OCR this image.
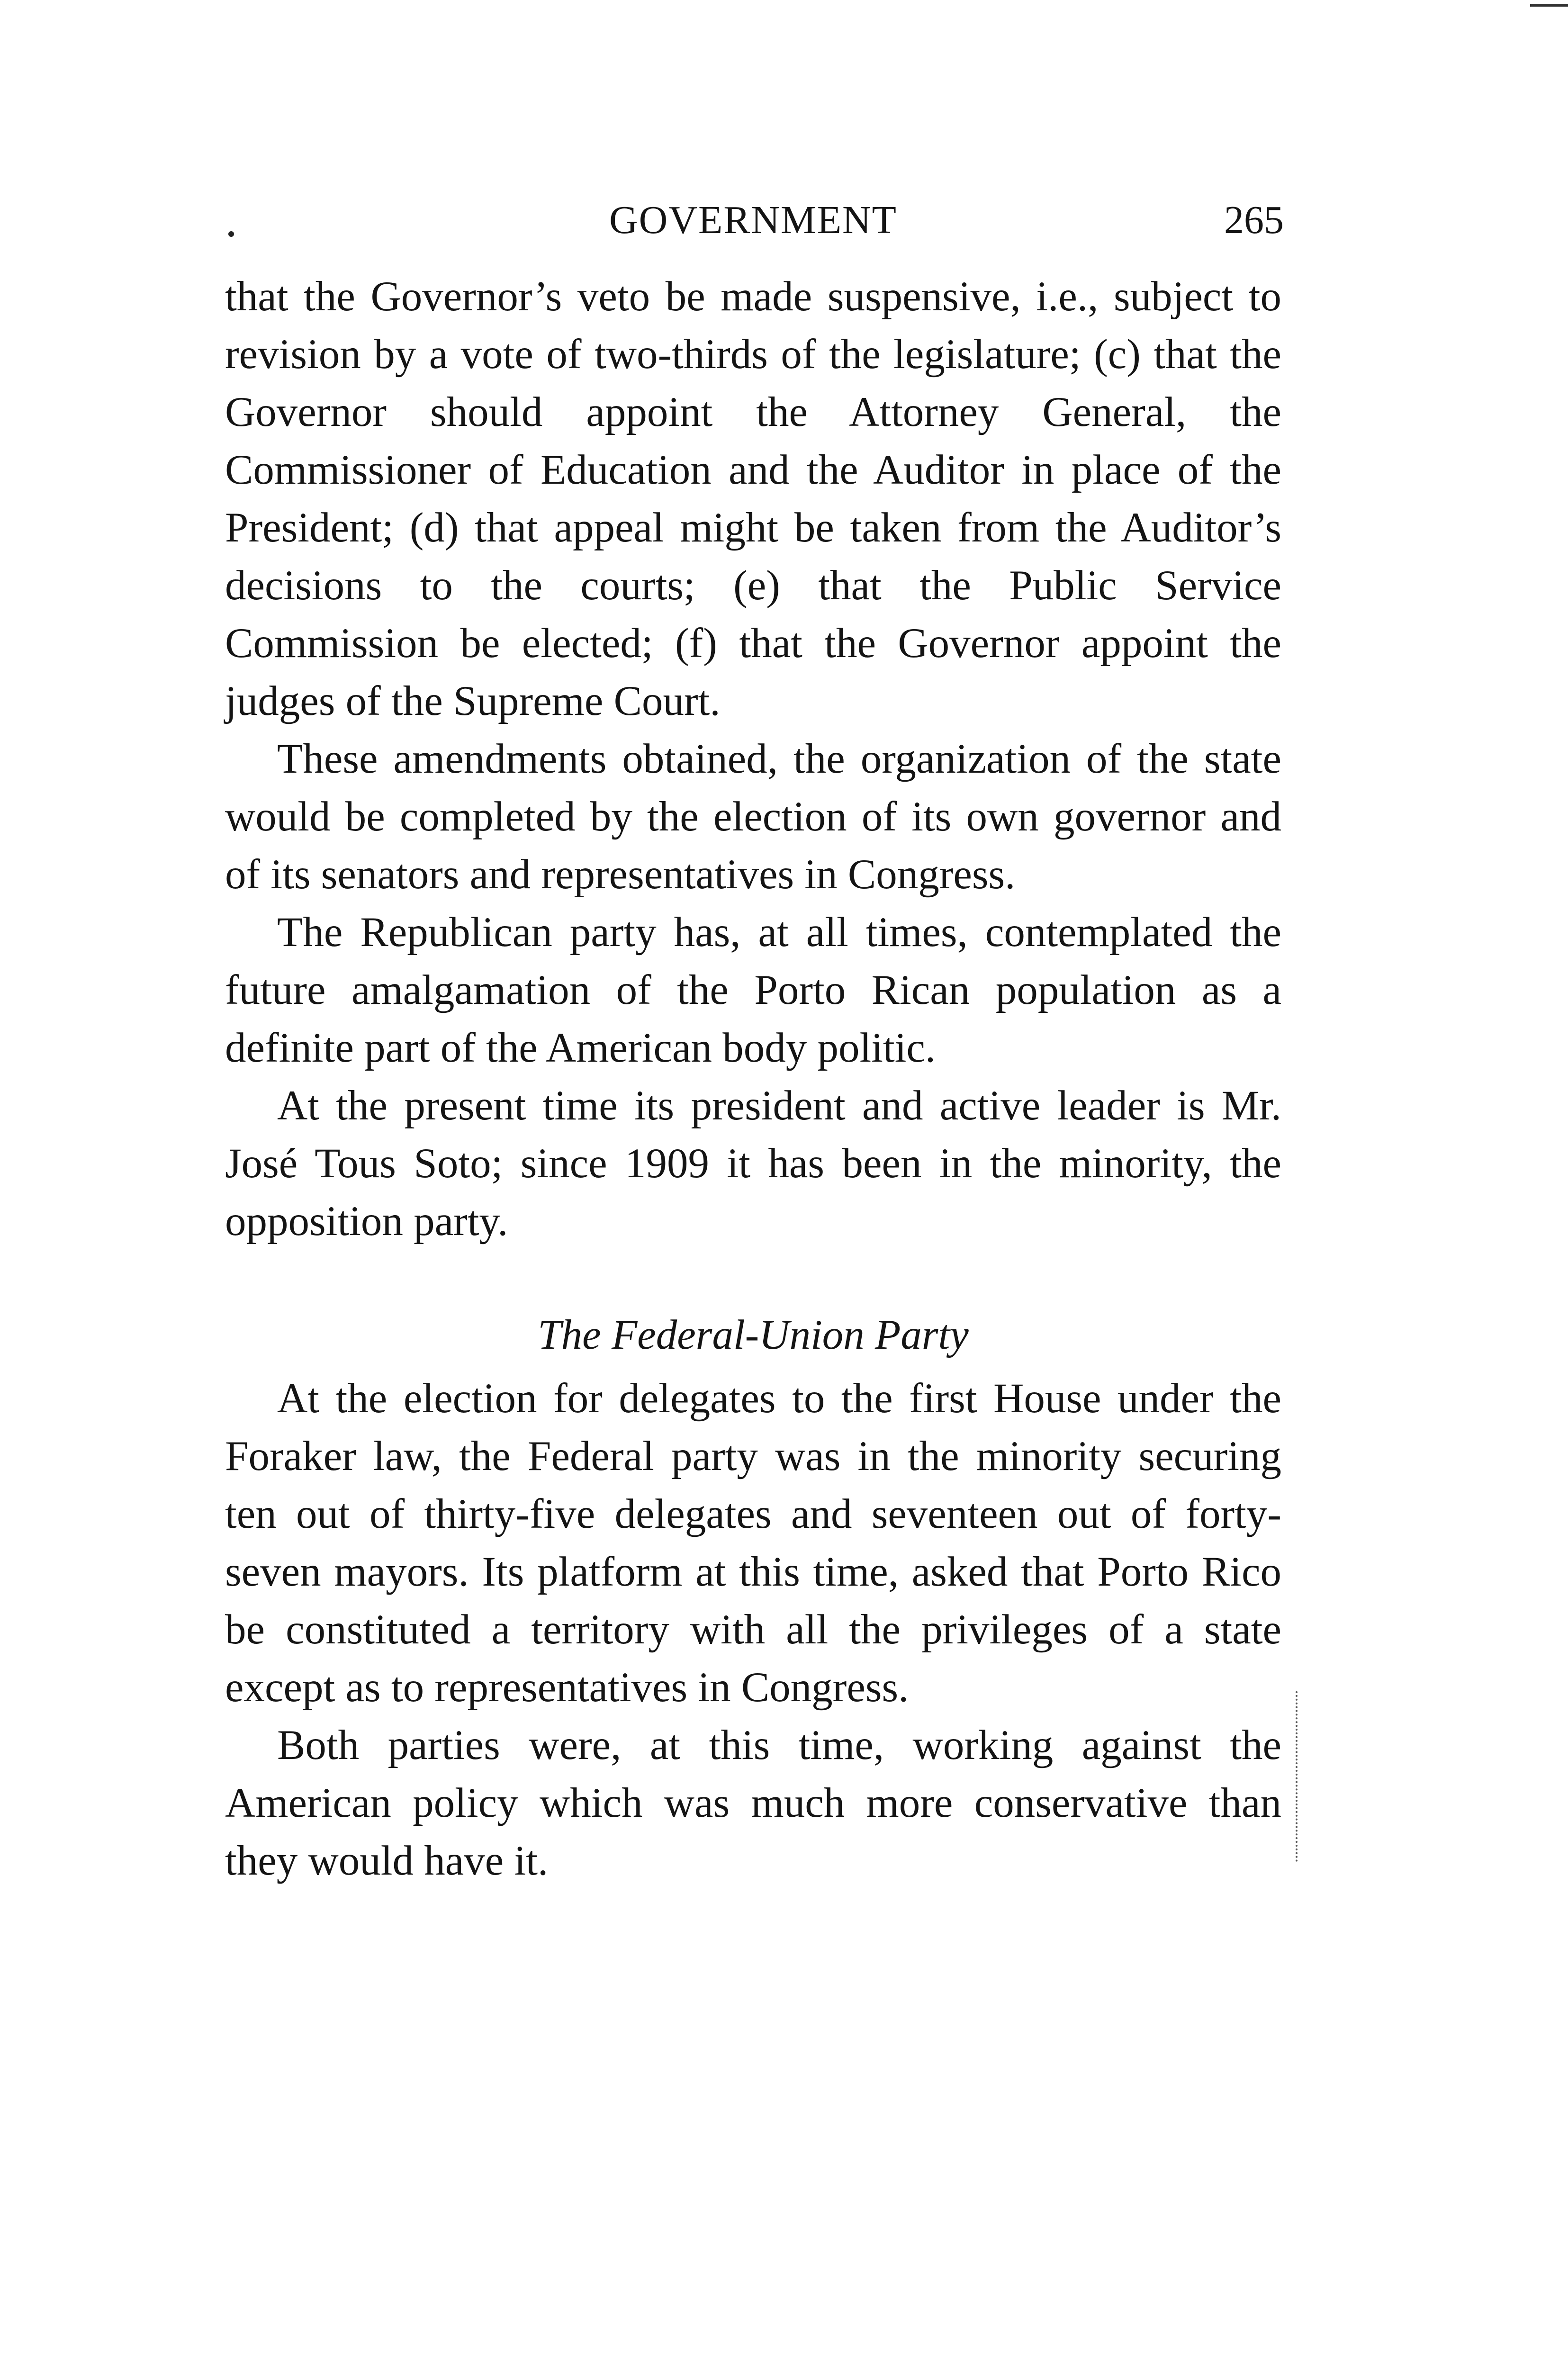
GOVERNMENT	265

that the Governor’s veto be made suspensive, i.e., subject to revision by a vote of two-thirds of the legislature; (c) that the Governor should appoint the Attorney General, the Commissioner of Education and the Auditor in place of the President; (d) that appeal might be taken from the Auditor’s decisions to the courts; (e) that the Public Service Commission be elected; (f) that the Governor appoint the judges of the Supreme Court.

These amendments obtained, the organization of the state would be completed by the election of its own governor and of its senators and representatives in Congress.

The Republican party has, at all times, contemplated the future amalgamation of the Porto Rican population as a definite part of the American body politic.

At the present time its president and active leader is Mr. José Tous Soto; since 1909 it has been in the minority, the opposition party.

The Federal-Union Party

At the election for delegates to the first House under the Foraker law, the Federal party was in the minority securing ten out of thirty-five delegates and seventeen out of forty-seven mayors. Its platform at this time, asked that Porto Rico be constituted a territory with all the privileges of a state except as to representatives in Congress.

Both parties were, at this time, working against the American policy which was much more conservative than they would have it.
